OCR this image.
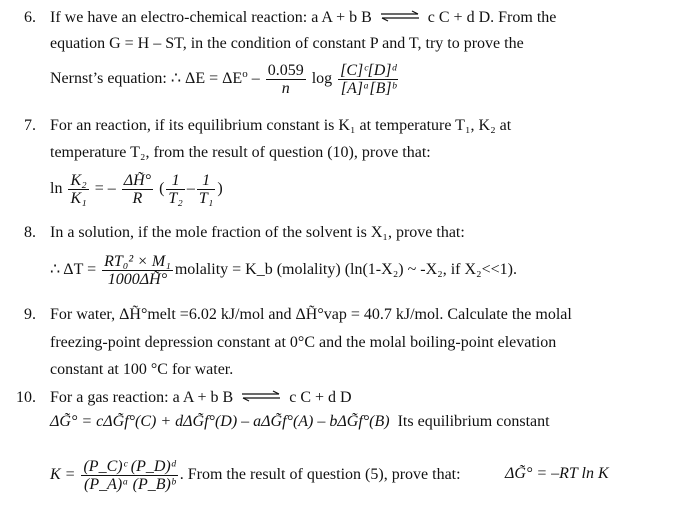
6. If we have an electro-chemical reaction: a A + b B ⇌ c C + d D. From the
equation G = H – ST, in the condition of constant P and T, try to prove the
Nernst’s equation: ∴ $\Delta E = \Delta E^o - \frac{0.059}{n}$ $\log \frac{\text{[C]ᶜ[D]ᵈ}}{\text{[A]ᵃ[B]ᵇ}}$
7. For an reaction, if its equilibrium constant is K₁ at temperature T₁, K₂ at
temperature T₂, from the result of question (10), prove that:
$\ln \frac{\text{K₂}}{\text{K₁}}$ = – $\frac{\Delta H̃^\circ}{R}$ ( $\frac{1}{\text{T₂}} - \frac{1}{\text{T₁}}$ )
8. In a solution, if the mole fraction of the solvent is X₁, prove that:
∴ $\Delta T = \frac{\text{RT₀² × M₁}}{1000\Delta H̃^\circ}$ molality = K_b (molality) (ln(1-X₂) ~ -X₂, if X₂<<1).
9. For water, ΔH̃°melt =6.02 kJ/mol and ΔH̃°vap = 40.7 kJ/mol. Calculate the molal
freezing-point depression constant at 0°C and the molal boiling-point elevation
constant at 100 °C for water.
10. For a gas reaction: a A + b B ⇌ c C + d D
ΔG̃° = cΔG̃f°(C) + dΔG̃f°(D) – aΔG̃f°(A) – bΔG̃f°(B) Its equilibrium constant
$K = \frac{\text{(P\_C)ᶜ (P\_D)ᵈ}}{\text{(P\_A)ᵃ (P\_B)ᵇ}}$ . From the result of question (5), prove that:	ΔG̃° = –RT ln K
